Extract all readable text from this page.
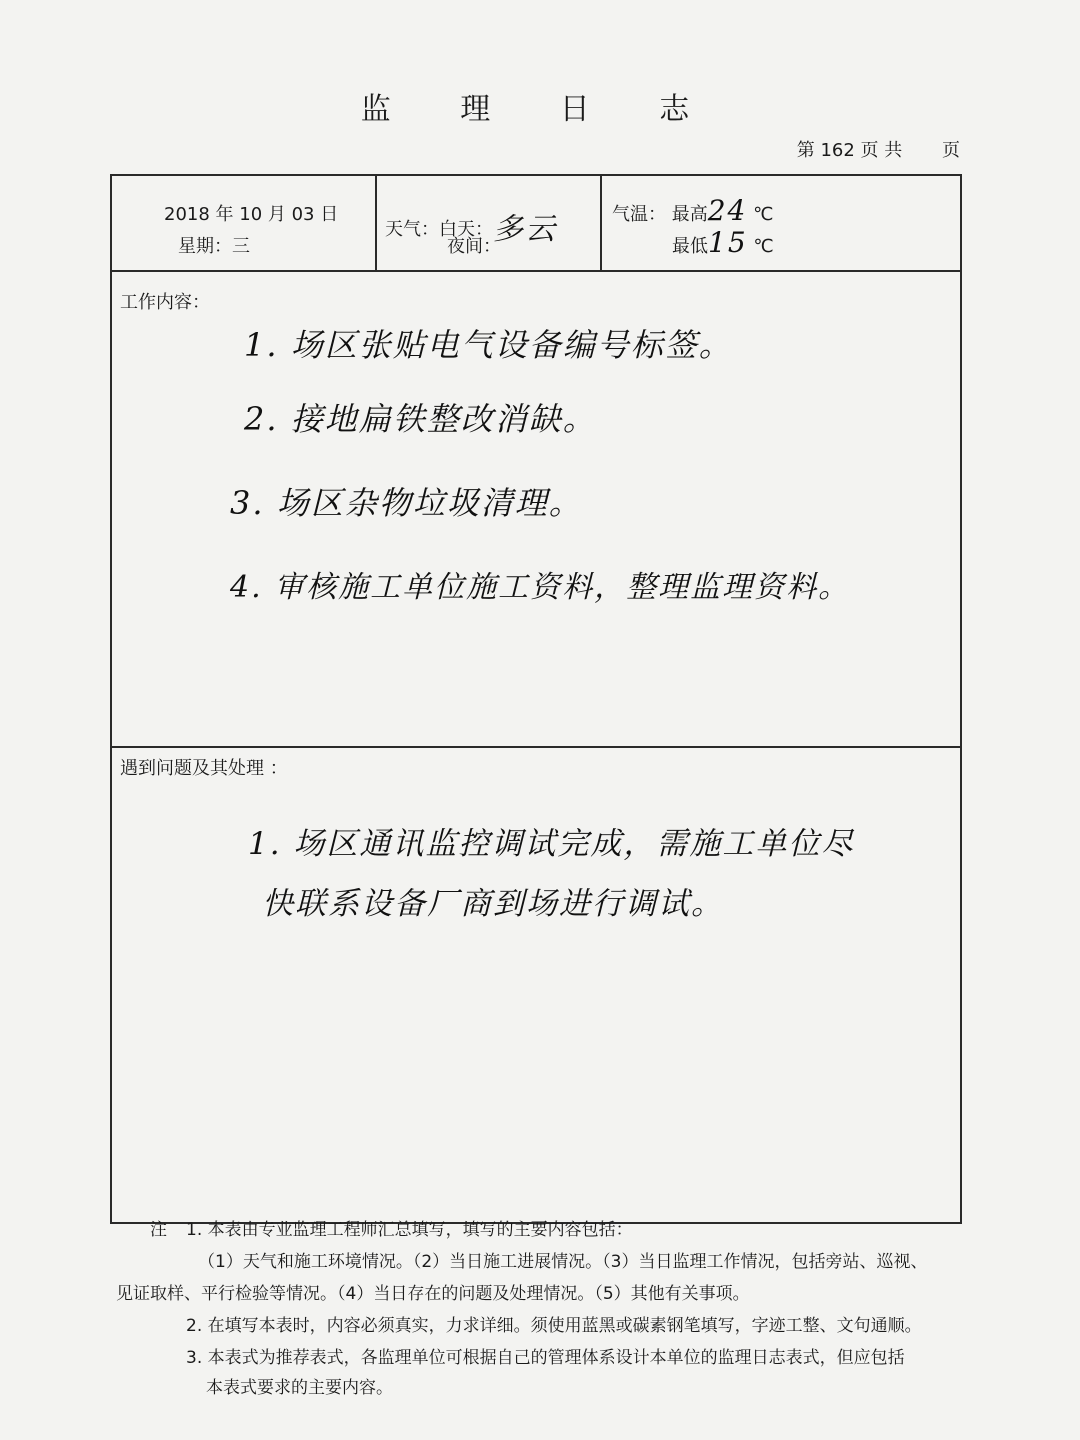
监 理 日 志
第 162 页 共 页
2018 年 10 月 03 日
星期：三
天气：白天：多云
夜间：
气温： 最高24 ℃
最低15 ℃
工作内容：
1. 场区张贴电气设备编号标签。
2. 接地扁铁整改消缺。
3. 场区杂物垃圾清理。
4. 审核施工单位施工资料，整理监理资料。
遇到问题及其处理 ：
1. 场区通讯监控调试完成，需施工单位尽
快联系设备厂商到场进行调试。
注 1. 本表由专业监理工程师汇总填写，填写的主要内容包括：
（1）天气和施工环境情况。（2）当日施工进展情况。（3）当日监理工作情况，包括旁站、巡视、
见证取样、平行检验等情况。（4）当日存在的问题及处理情况。（5）其他有关事项。
2. 在填写本表时，内容必须真实，力求详细。须使用蓝黑或碳素钢笔填写，字迹工整、文句通顺。
3. 本表式为推荐表式，各监理单位可根据自己的管理体系设计本单位的监理日志表式，但应包括
本表式要求的主要内容。
